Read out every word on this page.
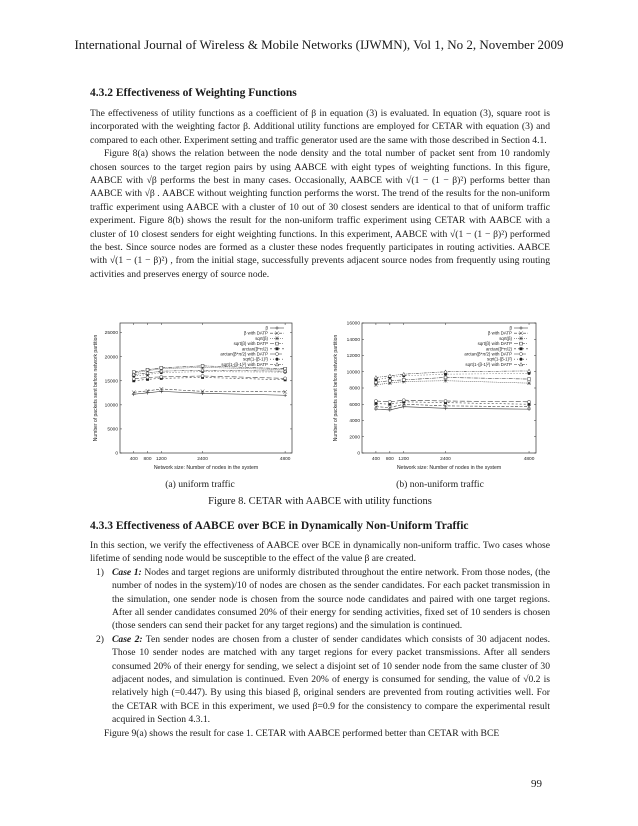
International Journal of Wireless & Mobile Networks (IJWMN), Vol 1, No 2, November 2009
4.3.2 Effectiveness of Weighting Functions

The effectiveness of utility functions as a coefficient of β in equation (3) is evaluated. In equation (3), square root is incorporated with the weighting factor β. Additional utility functions are employed for CETAR with equation (3) and compared to each other. Experiment setting and traffic generator used are the same with those described in Section 4.1.

Figure 8(a) shows the relation between the node density and the total number of packet sent from 10 randomly chosen sources to the target region pairs by using AABCE with eight types of weighting functions. In this figure, AABCE with √β performs the best in many cases. Occasionally, AABCE with √(1 − (1 − β)²) performs better than AABCE with √β . AABCE without weighting function performs the worst. The trend of the results for the non-uniform traffic experiment using AABCE with a cluster of 10 out of 30 closest senders are identical to that of uniform traffic experiment. Figure 8(b) shows the result for the non-uniform traffic experiment using CETAR with AABCE with a cluster of 10 closest senders for eight weighting functions. In this experiment, AABCE with √(1 − (1 − β)²) performed the best. Since source nodes are formed as a cluster these nodes frequently participates in routing activities. AABCE with √(1 − (1 − β)²) , from the initial stage, successfully prevents adjacent source nodes from frequently using routing activities and preserves energy of source node.

0
5000
10000
15000
20000
25000
400 800 1200	2400	4800
β
β with DATP
sqrt(β)
sqrt(β) with DATP
arctan(β*π/2)
arctan(β*π/2) with DATP
sqrt(1-(β-1)²)
sqrt(1-(β-1)²) with DATP
Network size: Number of nodes in the system
Number of packets sent before network partition
0
2000
4000
6000
8000
10000
12000
14000
16000
400 800 1200	2400	4800
β
β with DATP
sqrt(β)
sqrt(β) with DATP
arctan(β*π/2)
arctan(β*π/2) with DATP
sqrt(1-(β-1)²)
sqrt(1-(β-1)²) with DATP
Network size: Number of nodes in the system
Number of packets sent before network partition
(a) uniform traffic	(b) non-uniform traffic
Figure 8. CETAR with AABCE with utility functions
4.3.3 Effectiveness of AABCE over BCE in Dynamically Non-Uniform Traffic

In this section, we verify the effectiveness of AABCE over BCE in dynamically non-uniform traffic. Two cases whose lifetime of sending node would be susceptible to the effect of the value β are created.

1) Case 1: Nodes and target regions are uniformly distributed throughout the entire network. From those nodes, (the number of nodes in the system)/10 of nodes are chosen as the sender candidates. For each packet transmission in the simulation, one sender node is chosen from the source node candidates and paired with one target regions. After all sender candidates consumed 20% of their energy for sending activities, fixed set of 10 senders is chosen (those senders can send their packet for any target regions) and the simulation is continued.
2) Case 2: Ten sender nodes are chosen from a cluster of sender candidates which consists of 30 adjacent nodes. Those 10 sender nodes are matched with any target regions for every packet transmissions. After all senders consumed 20% of their energy for sending, we select a disjoint set of 10 sender node from the same cluster of 30 adjacent nodes, and simulation is continued. Even 20% of energy is consumed for sending, the value of √0.2 is relatively high (=0.447). By using this biased β, original senders are prevented from routing activities well. For the CETAR with BCE in this experiment, we used β=0.9 for the consistency to compare the experimental result acquired in Section 4.3.1.

Figure 9(a) shows the result for case 1. CETAR with AABCE performed better than CETAR with BCE

99
